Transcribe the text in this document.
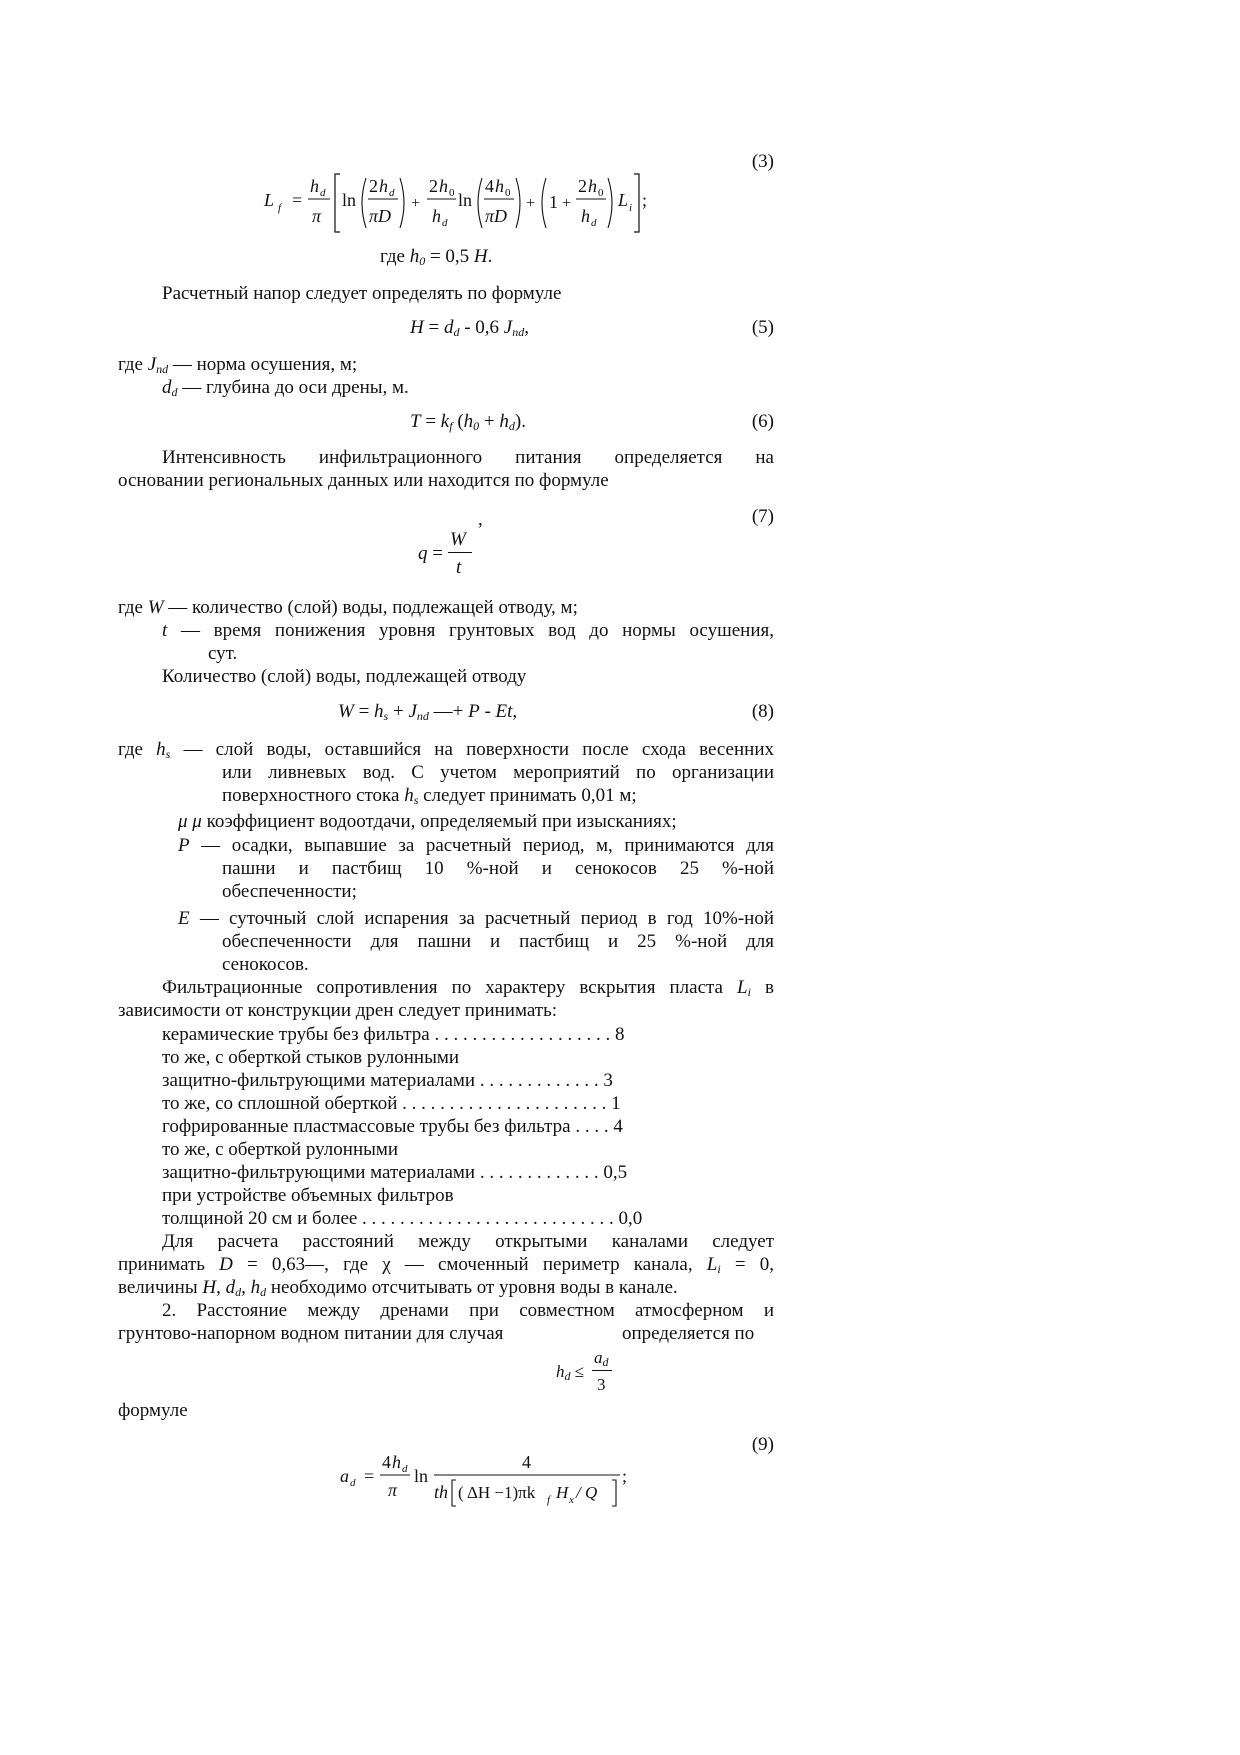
(3)
L f =
h d
π
ln
2 h d
πD
+
2 h 0
h d
ln
4 h 0
πD
+ 1 +
2 h 0
h d
L i ;
где $h_0 = 0,5$ H.
Расчетный напор следует определять по формуле
$H = d_d - 0,6$ $J_{nd}$,	(5)
где $J_{nd}$ — норма осушения, м;
$d_d$ — глубина до оси дрены, м.
$T = k_f$ $(h_0 + h_d)$.	(6)
Интенсивность инфильтрационного питания определяется на
основании региональных данных или находится по формуле
(7)
,
q =
W
t
где W — количество (слой) воды, подлежащей отводу, м;
t — время понижения уровня грунтовых вод до нормы осушения,
сут.
Количество (слой) воды, подлежащей отводу
$W = h_s + J_{nd}$ —+ P - Et,	(8)
где $h_s$ — слой воды, оставшийся на поверхности после схода весенних
или ливневых вод. С учетом мероприятий по организации
поверхностного стока $h_s$ следует принимать 0,01 м;
μ μ коэффициент водоотдачи, определяемый при изысканиях;
P — осадки, выпавшие за расчетный период, м, принимаются для
пашни и пастбищ 10 %-ной и сенокосов 25 %-ной
обеспеченности;
E — суточный слой испарения за расчетный период в год 10%-ной
обеспеченности для пашни и пастбищ и 25 %-ной для
сенокосов.
Фильтрационные сопротивления по характеру вскрытия пласта $L_i$ в
зависимости от конструкции дрен следует принимать:
керамические трубы без фильтра . . . . . . . . . . . . . . . . . . . 8
то же, с оберткой стыков рулонными
защитно-фильтрующими материалами . . . . . . . . . . . . . 3
то же, со сплошной оберткой . . . . . . . . . . . . . . . . . . . . . . 1
гофрированные пластмассовые трубы без фильтра . . . . 4
то же, с оберткой рулонными
защитно-фильтрующими материалами . . . . . . . . . . . . . 0,5
при устройстве объемных фильтров
толщиной 20 см и более . . . . . . . . . . . . . . . . . . . . . . . . . . . 0,0
Для расчета расстояний между открытыми каналами следует
принимать D = 0,63—, где χ — смоченный периметр канала, $L_i = 0$,
величины H, $d_d$, $h_d$ необходимо отсчитывать от уровня воды в канале.
2. Расстояние между дренами при совместном атмосферном и
грунтово-напорном водном питании для случая	определяется по
$h_d$ ≤
$a_d$
3
формуле
(9)
a d =
4 h d
π
ln
4
th ( ΔH −1)πk f H x / Q
;
